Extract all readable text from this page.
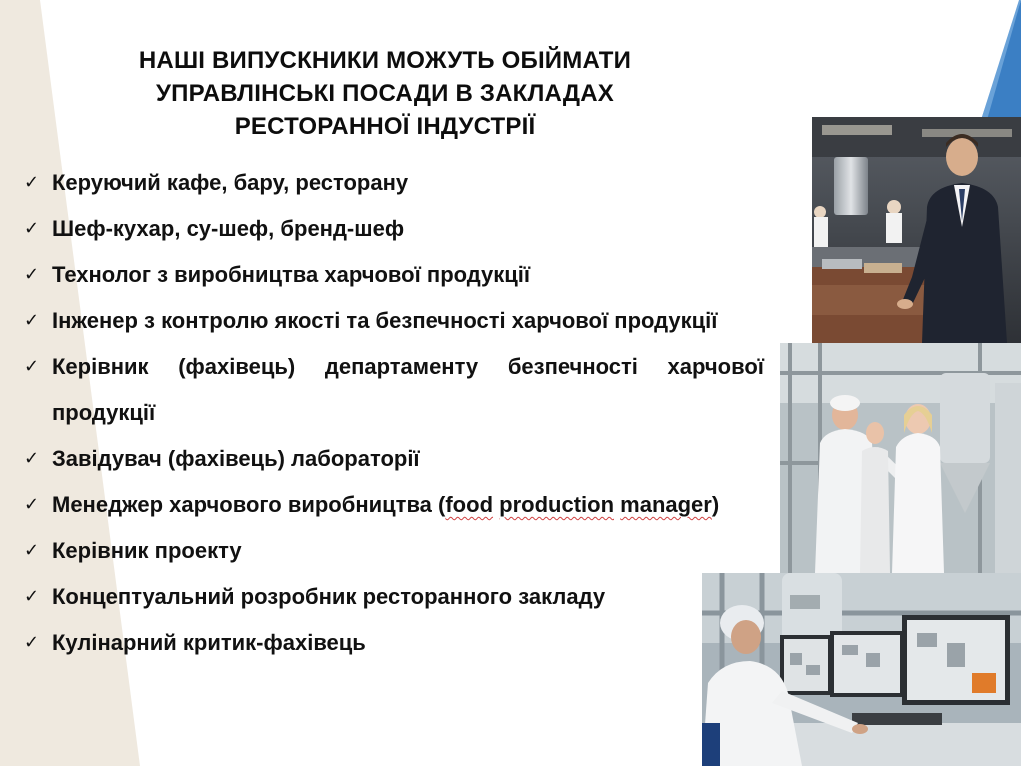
НАШІ ВИПУСКНИКИ МОЖУТЬ ОБІЙМАТИ
УПРАВЛІНСЬКІ ПОСАДИ В ЗАКЛАДАХ
РЕСТОРАННОЇ ІНДУСТРІЇ
✓ Керуючий кафе, бару, ресторану
✓ Шеф-кухар, су-шеф, бренд-шеф
✓ Технолог з виробництва харчової продукції
✓ Інженер з контролю якості та безпечності харчової продукції
✓ Керівник (фахівець) департаменту безпечності харчової продукції
✓ Завідувач (фахівець) лабораторії
✓ Менеджер харчового виробництва (food production manager)
✓ Керівник проекту
✓ Концептуальний розробник ресторанного закладу
✓ Кулінарний критик-фахівець
